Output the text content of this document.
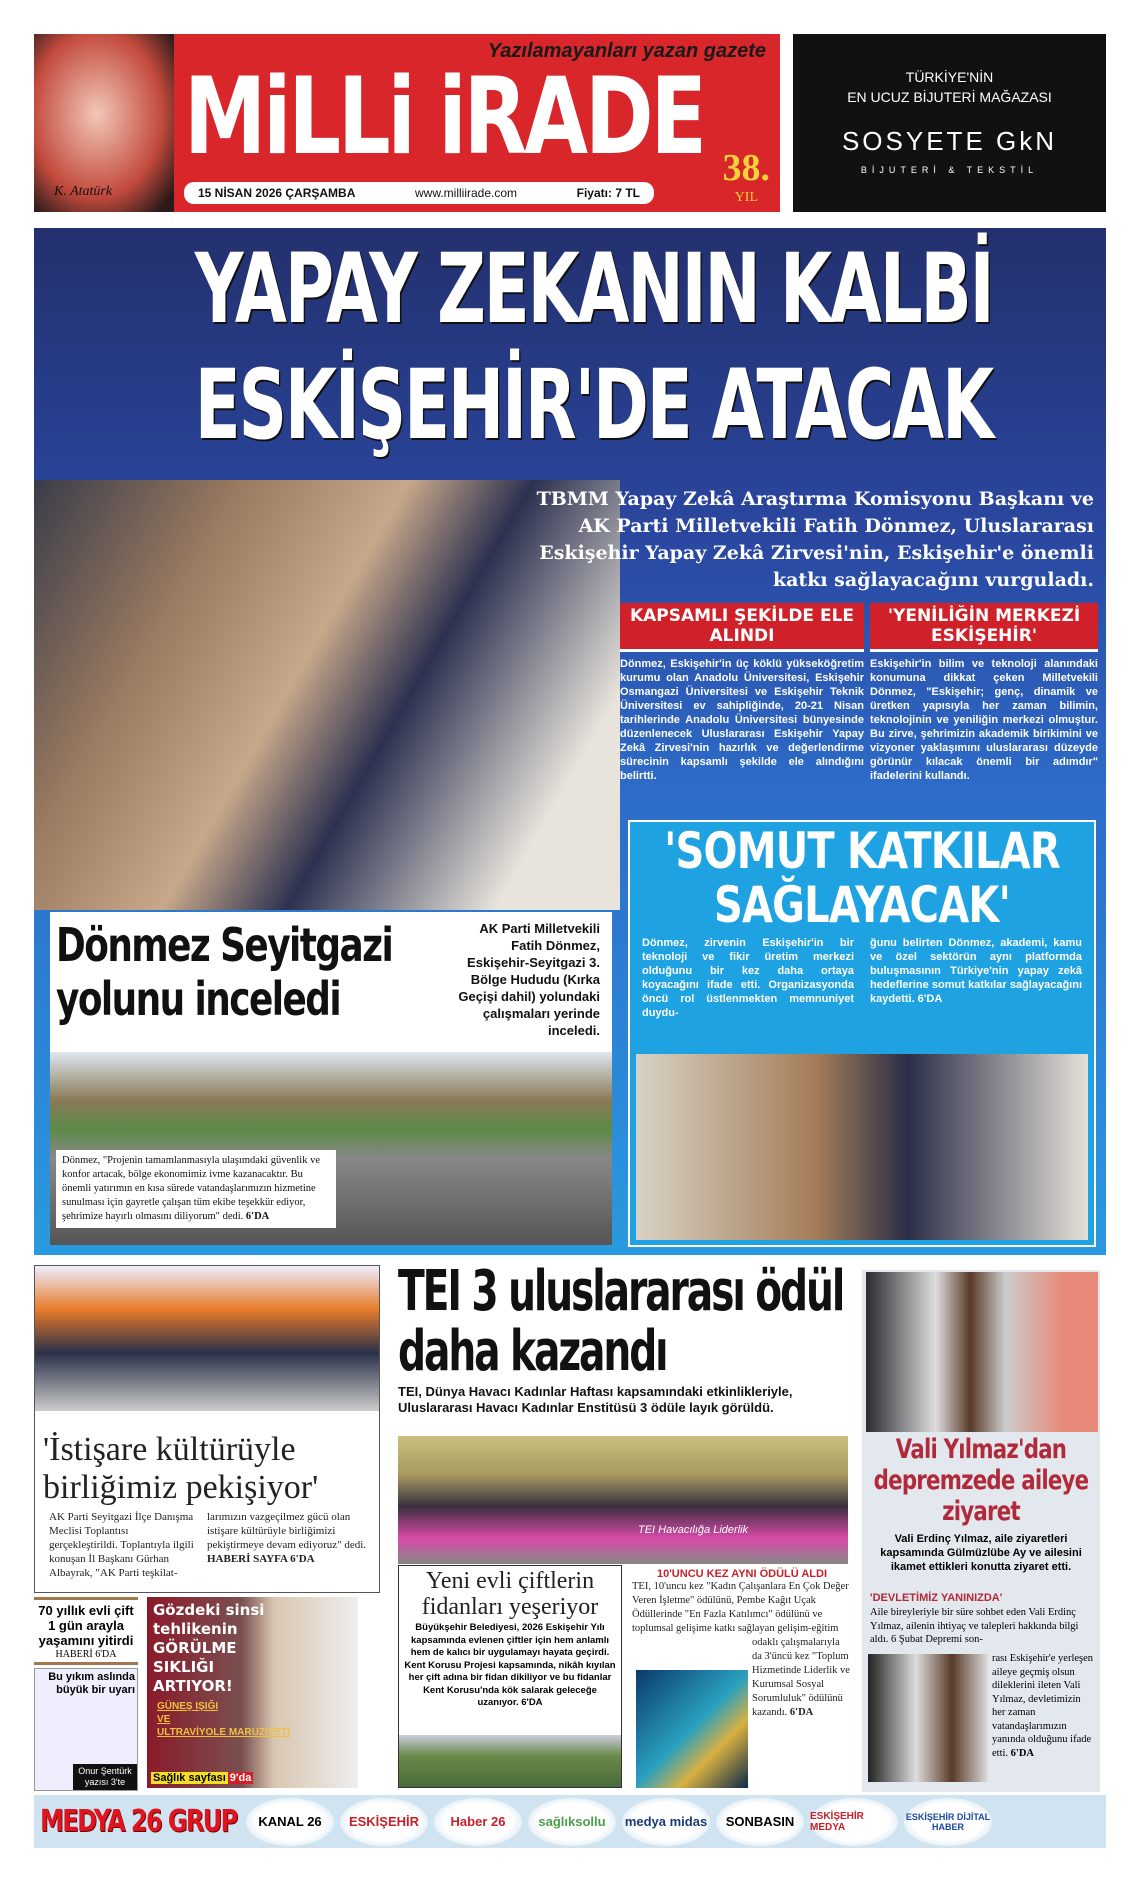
K. Atatürk
Yazılamayanları yazan gazete
MiLLi iRADE
15 NİSAN 2026 ÇARŞAMBA	www.milliirade.com	Fiyatı: 7 TL
38.
YIL
TÜRKİYE'NİN
EN UCUZ BİJUTERİ MAĞAZASI
SOSYETE GkN
BİJUTERİ & TEKSTİL
YAPAY ZEKANIN KALBİ
ESKİŞEHİR'DE ATACAK
TBMM Yapay Zekâ Araştırma Komisyonu Başkanı ve AK Parti Milletvekili Fatih Dönmez, Uluslararası Eskişehir Yapay Zekâ Zirvesi'nin, Eskişehir'e önemli katkı sağlayacağını vurguladı.
KAPSAMLI ŞEKİLDE ELE ALINDI
Dönmez, Eskişehir'in üç köklü yükseköğretim kurumu olan Anadolu Üniversitesi, Eskişehir Osmangazi Üniversitesi ve Eskişehir Teknik Üniversitesi ev sahipliğinde, 20-21 Nisan tarihlerinde Anadolu Üniversitesi bünyesinde düzenlenecek Uluslararası Eskişehir Yapay Zekâ Zirvesi'nin hazırlık ve değerlendirme sürecinin kapsamlı şekilde ele alındığını belirtti.
'YENİLİĞİN MERKEZİ ESKİŞEHİR'
Eskişehir'in bilim ve teknoloji alanındaki konumuna dikkat çeken Milletvekili Dönmez, "Eskişehir; genç, dinamik ve üretken yapısıyla her zaman bilimin, teknolojinin ve yeniliğin merkezi olmuştur. Bu zirve, şehrimizin akademik birikimini ve vizyoner yaklaşımını uluslararası düzeyde görünür kılacak önemli bir adımdır" ifadelerini kullandı.
'SOMUT KATKILAR SAĞLAYACAK'
Dönmez, zirvenin Eskişehir'in bir teknoloji ve fikir üretim merkezi olduğunu bir kez daha ortaya koyacağını ifade etti. Organizasyonda öncü rol üstlenmekten memnuniyet duydu-
ğunu belirten Dönmez, akademi, kamu ve özel sektörün aynı platformda buluşmasının Türkiye'nin yapay zekâ hedeflerine somut katkılar sağlayacağını kaydetti. 6'DA
Dönmez Seyitgazi yolunu inceledi
AK Parti Milletvekili Fatih Dönmez, Eskişehir-Seyitgazi 3. Bölge Hududu (Kırka Geçişi dahil) yolundaki çalışmaları yerinde inceledi.
Dönmez, "Projenin tamamlanmasıyla ulaşımdaki güvenlik ve konfor artacak, bölge ekonomimiz ivme kazanacaktır. Bu önemli yatırımın en kısa sürede vatandaşlarımızın hizmetine sunulması için gayretle çalışan tüm ekibe teşekkür ediyor, şehrimize hayırlı olmasını diliyorum" dedi. 6'DA
'İstişare kültürüyle birliğimiz pekişiyor'
AK Parti Seyitgazi İlçe Danışma Meclisi Toplantısı gerçekleştirildi. Toplantıyla ilgili konuşan İl Başkanı Gürhan Albayrak, "AK Parti teşkilat-
larımızın vazgeçilmez gücü olan istişare kültürüyle birliğimizi pekiştirmeye devam ediyoruz" dedi.
HABERİ SAYFA 6'DA
70 yıllık evli çift 1 gün arayla yaşamını yitirdi
HABERİ 6'DA
Bu yıkım aslında büyük bir uyarı
Onur Şentürk
yazısı 3'te
Gözdeki sinsi tehlikenin GÖRÜLME SIKLIĞI ARTIYOR!
GÜNEŞ IŞIĞI
VE
ULTRAVİYOLE MARUZİYETİ
Sağlık sayfası 9'da
TEI 3 uluslararası ödül daha kazandı
TEI, Dünya Havacı Kadınlar Haftası kapsamındaki etkinlikleriyle, Uluslararası Havacı Kadınlar Enstitüsü 3 ödüle layık görüldü.
TEI Havacılığa Liderlik
Yeni evli çiftlerin fidanları yeşeriyor
Büyükşehir Belediyesi, 2026 Eskişehir Yılı kapsamında evlenen çiftler için hem anlamlı hem de kalıcı bir uygulamayı hayata geçirdi. Kent Korusu Projesi kapsamında, nikâh kıyılan her çift adına bir fidan dikiliyor ve bu fidanlar Kent Korusu'nda kök salarak geleceğe uzanıyor. 6'DA
10'UNCU KEZ AYNI ÖDÜLÜ ALDI
TEI, 10'uncu kez "Kadın Çalışanlara En Çok Değer Veren İşletme" ödülünü, Pembe Kağıt Uçak Ödüllerinde "En Fazla Katılımcı" ödülünü ve toplumsal gelişime katkı sağlayan gelişim-eğitim
odaklı çalışmalarıyla da 3'üncü kez "Toplum Hizmetinde Liderlik ve Kurumsal Sosyal Sorumluluk" ödülünü kazandı. 6'DA
Vali Yılmaz'dan depremzede aileye ziyaret
Vali Erdinç Yılmaz, aile ziyaretleri kapsamında Gülmüzlübe Ay ve ailesini ikamet ettikleri konutta ziyaret etti.
'DEVLETİMİZ YANINIZDA'
Aile bireyleriyle bir süre sohbet eden Vali Erdinç Yılmaz, ailenin ihtiyaç ve talepleri hakkında bilgi aldı. 6 Şubat Depremi son-
rası Eskişehir'e yerleşen aileye geçmiş olsun dileklerini ileten Vali Yılmaz, devletimizin her zaman vatandaşlarımızın yanında olduğunu ifade etti. 6'DA
MEDYA 26 GRUP	KANAL 26	ESKİŞEHİR	Haber 26	sağlıksollu	medya midas	SONBASIN	ESKİŞEHİR MEDYA
ESKİŞEHİR DİJİTAL HABER
